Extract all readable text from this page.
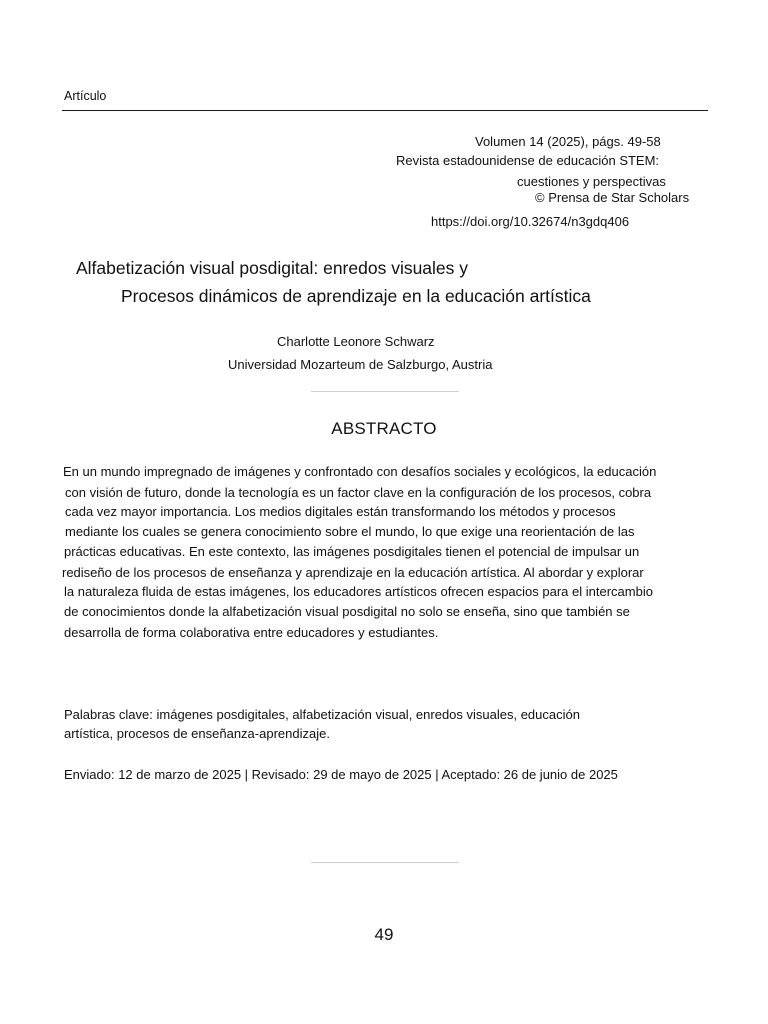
Artículo
Volumen 14 (2025), págs. 49-58
Revista estadounidense de educación STEM:
cuestiones y perspectivas
© Prensa de Star Scholars
https://doi.org/10.32674/n3gdq406
Alfabetización visual posdigital: enredos visuales y
Procesos dinámicos de aprendizaje en la educación artística
Charlotte Leonore Schwarz
Universidad Mozarteum de Salzburgo, Austria
ABSTRACTO
En un mundo impregnado de imágenes y confrontado con desafíos sociales y ecológicos, la educación
con visión de futuro, donde la tecnología es un factor clave en la configuración de los procesos, cobra
cada vez mayor importancia. Los medios digitales están transformando los métodos y procesos
mediante los cuales se genera conocimiento sobre el mundo, lo que exige una reorientación de las
prácticas educativas. En este contexto, las imágenes posdigitales tienen el potencial de impulsar un
rediseño de los procesos de enseñanza y aprendizaje en la educación artística. Al abordar y explorar
la naturaleza fluida de estas imágenes, los educadores artísticos ofrecen espacios para el intercambio
de conocimientos donde la alfabetización visual posdigital no solo se enseña, sino que también se
desarrolla de forma colaborativa entre educadores y estudiantes.
Palabras clave: imágenes posdigitales, alfabetización visual, enredos visuales, educación
artística, procesos de enseñanza-aprendizaje.
Enviado: 12 de marzo de 2025 | Revisado: 29 de mayo de 2025 | Aceptado: 26 de junio de 2025
49
